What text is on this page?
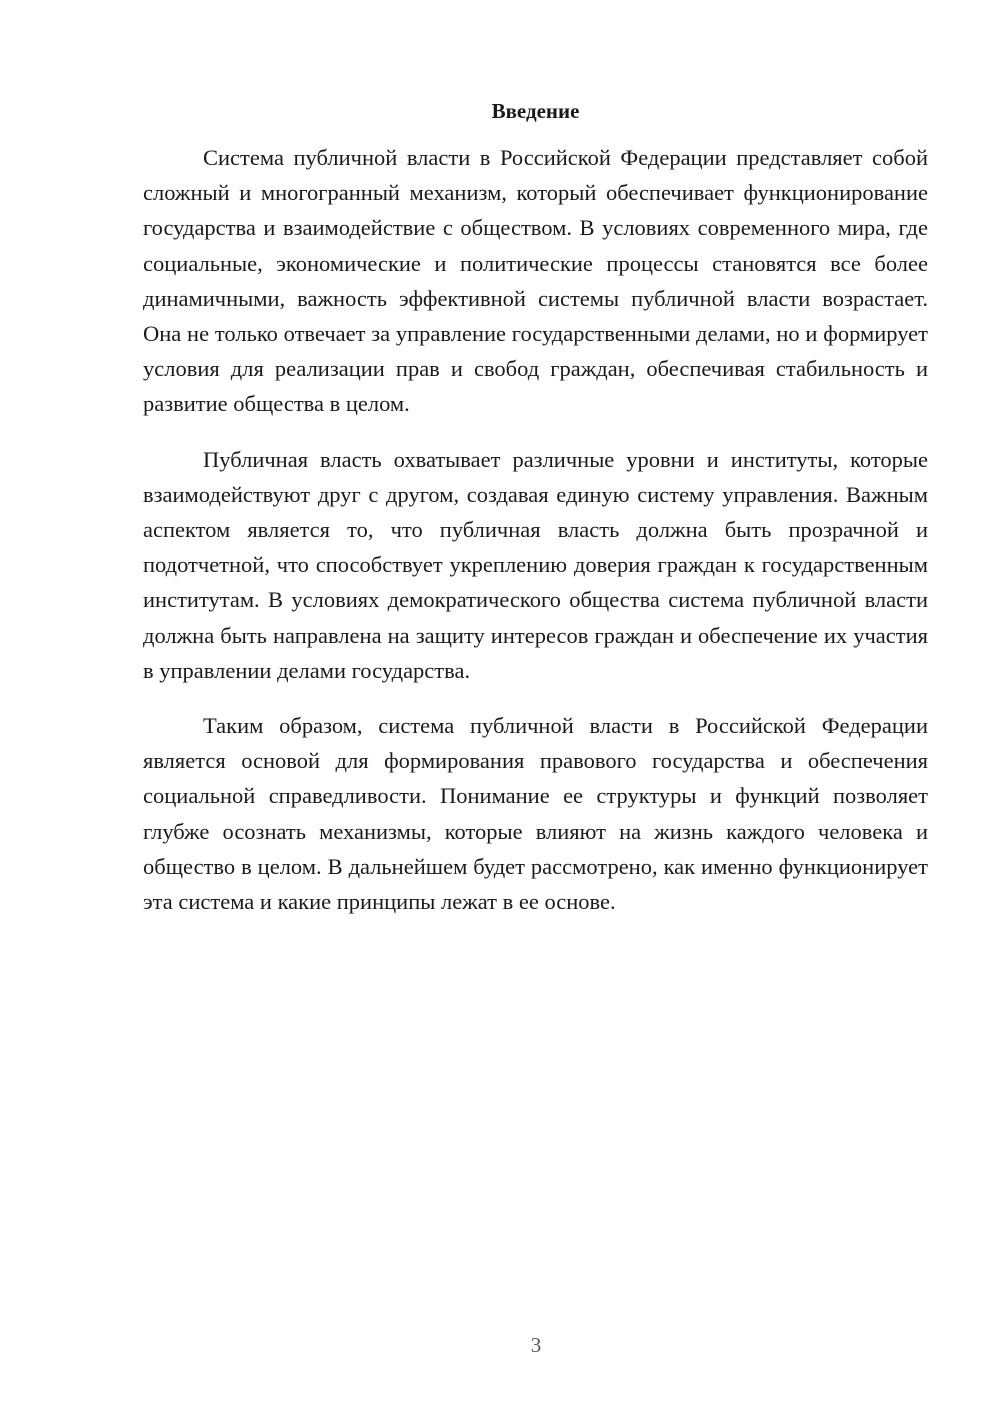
Введение

Система публичной власти в Российской Федерации представляет собой сложный и многогранный механизм, который обеспечивает функционирование государства и взаимодействие с обществом. В условиях современного мира, где социальные, экономические и политические процессы становятся все более динамичными, важность эффективной системы публичной власти возрастает. Она не только отвечает за управление государственными делами, но и формирует условия для реализации прав и свобод граждан, обеспечивая стабильность и развитие общества в целом.

Публичная власть охватывает различные уровни и институты, которые взаимодействуют друг с другом, создавая единую систему управления. Важным аспектом является то, что публичная власть должна быть прозрачной и подотчетной, что способствует укреплению доверия граждан к государственным институтам. В условиях демократического общества система публичной власти должна быть направлена на защиту интересов граждан и обеспечение их участия в управлении делами государства.

Таким образом, система публичной власти в Российской Федерации является основой для формирования правового государства и обеспечения социальной справедливости. Понимание ее структуры и функций позволяет глубже осознать механизмы, которые влияют на жизнь каждого человека и общество в целом. В дальнейшем будет рассмотрено, как именно функционирует эта система и какие принципы лежат в ее основе.

3
